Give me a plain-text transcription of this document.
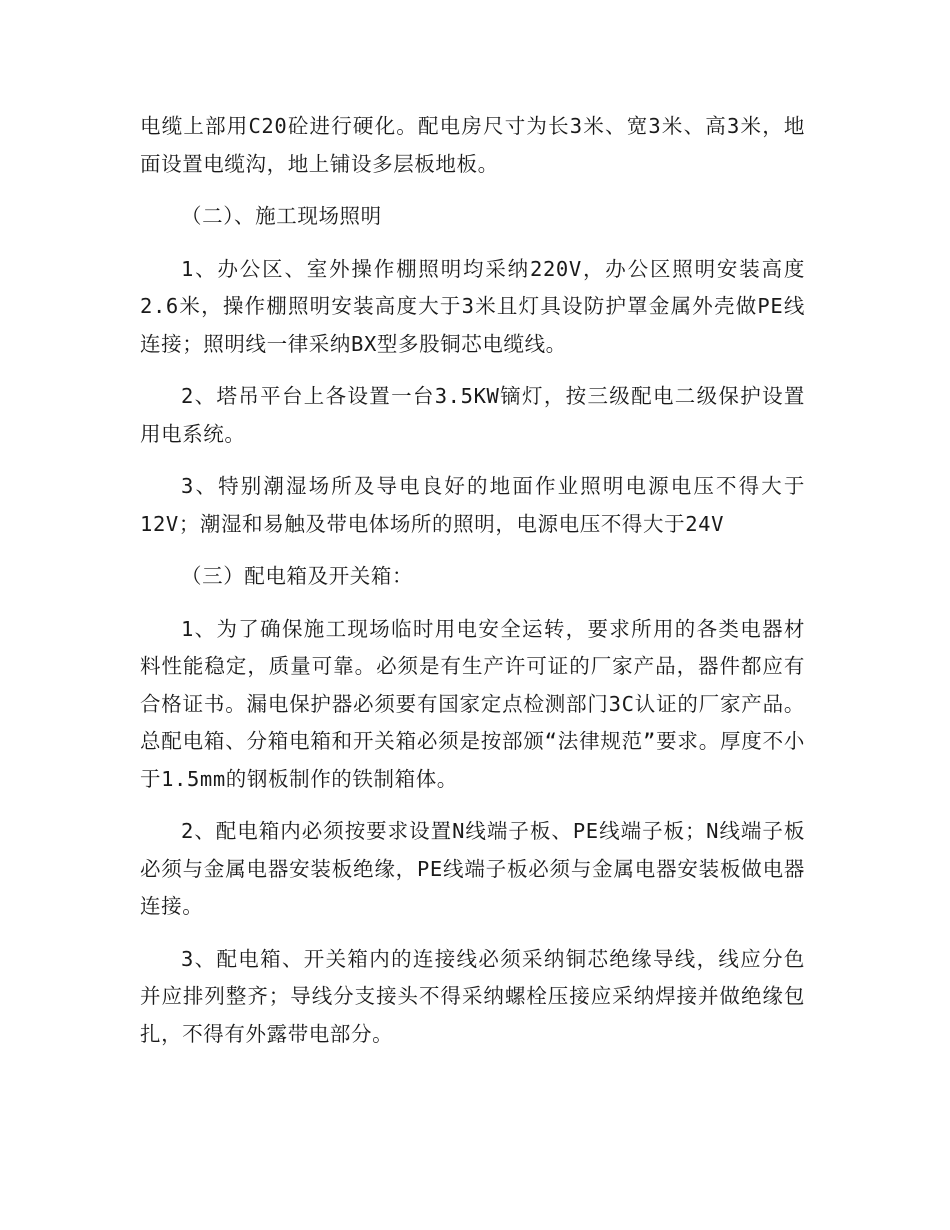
电缆上部用C20砼进行硬化。配电房尺寸为长3米、宽3米、高3米，地面设置电缆沟，地上铺设多层板地板。

（二）、施工现场照明

1、办公区、室外操作棚照明均采纳220V，办公区照明安装高度2.6米，操作棚照明安装高度大于3米且灯具设防护罩金属外壳做PE线连接；照明线一律采纳BX型多股铜芯电缆线。

2、塔吊平台上各设置一台3.5KW镝灯，按三级配电二级保护设置用电系统。

3、特别潮湿场所及导电良好的地面作业照明电源电压不得大于12V；潮湿和易触及带电体场所的照明，电源电压不得大于24V

（三）配电箱及开关箱：

1、为了确保施工现场临时用电安全运转，要求所用的各类电器材料性能稳定，质量可靠。必须是有生产许可证的厂家产品，器件都应有合格证书。漏电保护器必须要有国家定点检测部门3C认证的厂家产品。总配电箱、分箱电箱和开关箱必须是按部颁“法律规范”要求。厚度不小于1.5mm的钢板制作的铁制箱体。

2、配电箱内必须按要求设置N线端子板、PE线端子板；N线端子板必须与金属电器安装板绝缘，PE线端子板必须与金属电器安装板做电器连接。

3、配电箱、开关箱内的连接线必须采纳铜芯绝缘导线，线应分色并应排列整齐；导线分支接头不得采纳螺栓压接应采纳焊接并做绝缘包扎，不得有外露带电部分。
